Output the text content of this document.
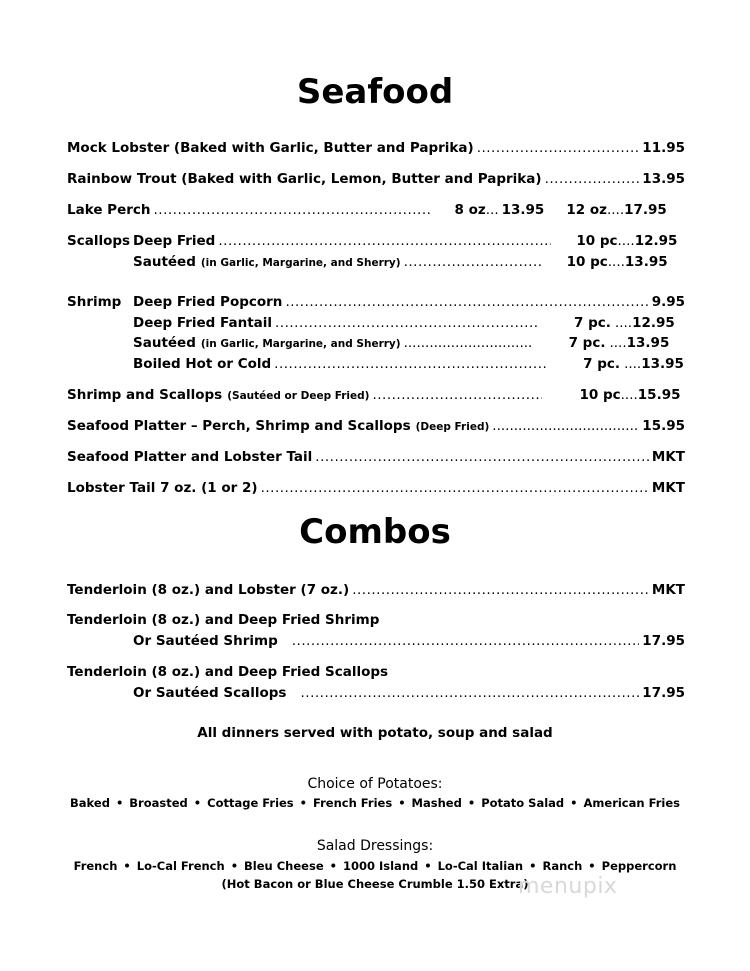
Seafood
Mock Lobster (Baked with Garlic, Butter and Paprika) .....	11.95
Rainbow Trout (Baked with Garlic, Lemon, Butter and Paprika) .....	13.95
Lake Perch .....	8 oz ... 13.95 12 oz .... 17.95
Scallops Deep Fried .....	10 pc .... 12.95
Sautéed (in Garlic, Margarine, and Sherry) .....	10 pc .... 13.95
Shrimp Deep Fried Popcorn .....	9.95
Deep Fried Fantail .....	7 pc. .... 12.95
Sautéed (in Garlic, Margarine, and Sherry) .....	7 pc. .... 13.95
Boiled Hot or Cold .....	7 pc. .... 13.95
Shrimp and Scallops (Sautéed or Deep Fried) .....	10 pc .... 15.95
Seafood Platter – Perch, Shrimp and Scallops (Deep Fried) .....	15.95
Seafood Platter and Lobster Tail .....	MKT
Lobster Tail 7 oz. (1 or 2) .....	MKT
Combos
Tenderloin (8 oz.) and Lobster (7 oz.) .....	MKT
Tenderloin (8 oz.) and Deep Fried Shrimp
Or Sautéed Shrimp .....	17.95
Tenderloin (8 oz.) and Deep Fried Scallops
Or Sautéed Scallops .....	17.95
All dinners served with potato, soup and salad
Choice of Potatoes:
Baked • Broasted • Cottage Fries • French Fries • Mashed • Potato Salad • American Fries
Salad Dressings:
French • Lo-Cal French • Bleu Cheese • 1000 Island • Lo-Cal Italian • Ranch • Peppercorn
(Hot Bacon or Blue Cheese Crumble 1.50 Extra)
menupix
